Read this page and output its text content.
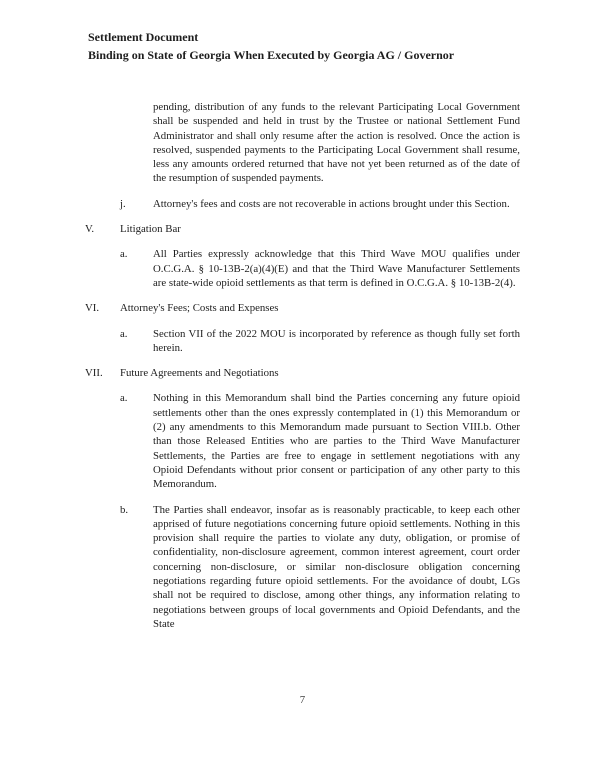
Settlement Document
Binding on State of Georgia When Executed by Georgia AG / Governor

pending, distribution of any funds to the relevant Participating Local Government shall be suspended and held in trust by the Trustee or national Settlement Fund Administrator and shall only resume after the action is resolved. Once the action is resolved, suspended payments to the Participating Local Government shall resume, less any amounts ordered returned that have not yet been returned as of the date of the resumption of suspended payments.

j.	Attorney's fees and costs are not recoverable in actions brought under this Section.

V.	Litigation Bar
a.	All Parties expressly acknowledge that this Third Wave MOU qualifies under O.C.G.A. § 10-13B-2(a)(4)(E) and that the Third Wave Manufacturer Settlements are state-wide opioid settlements as that term is defined in O.C.G.A. § 10-13B-2(4).

VI.	Attorney's Fees; Costs and Expenses
a.	Section VII of the 2022 MOU is incorporated by reference as though fully set forth herein.

VII.	Future Agreements and Negotiations
a.	Nothing in this Memorandum shall bind the Parties concerning any future opioid settlements other than the ones expressly contemplated in (1) this Memorandum or (2) any amendments to this Memorandum made pursuant to Section VIII.b. Other than those Released Entities who are parties to the Third Wave Manufacturer Settlements, the Parties are free to engage in settlement negotiations with any Opioid Defendants without prior consent or participation of any other party to this Memorandum.

b.	The Parties shall endeavor, insofar as is reasonably practicable, to keep each other apprised of future negotiations concerning future opioid settlements. Nothing in this provision shall require the parties to violate any duty, obligation, or promise of confidentiality, non-disclosure agreement, common interest agreement, court order concerning non-disclosure, or similar non-disclosure obligation concerning negotiations regarding future opioid settlements. For the avoidance of doubt, LGs shall not be required to disclose, among other things, any information relating to negotiations between groups of local governments and Opioid Defendants, and the State

7
